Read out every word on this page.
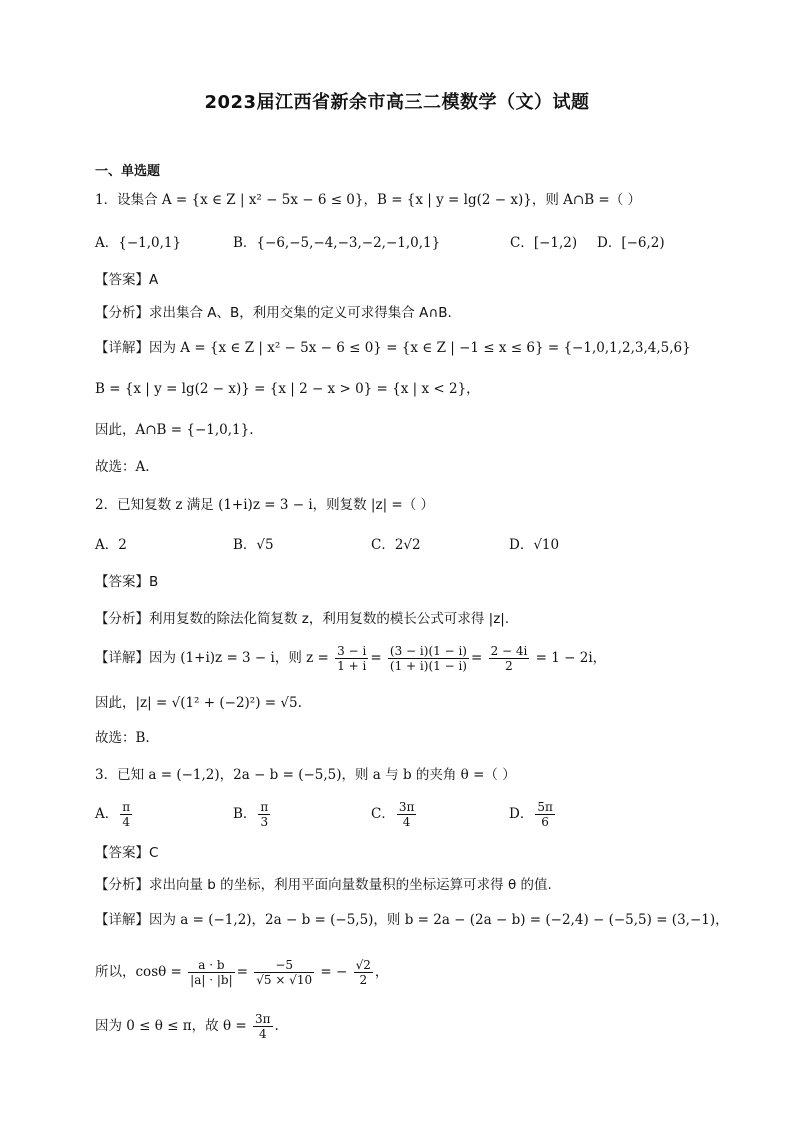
2023届江西省新余市高三二模数学（文）试题
一、单选题
1．设集合 A = {x ∈ Z | x² − 5x − 6 ≤ 0}，B = {x | y = lg(2 − x)}，则 A∩B =（ ）
A．{−1,0,1}	B．{−6,−5,−4,−3,−2,−1,0,1}	C．[−1,2) D．[−6,2)
【答案】A
【分析】求出集合 A、B，利用交集的定义可求得集合 A∩B.
【详解】因为 A = {x ∈ Z | x² − 5x − 6 ≤ 0} = {x ∈ Z | −1 ≤ x ≤ 6} = {−1,0,1,2,3,4,5,6}
B = {x | y = lg(2 − x)} = {x | 2 − x > 0} = {x | x < 2}，
因此，A∩B = {−1,0,1}.
故选：A.
2．已知复数 z 满足 (1+i)z = 3 − i，则复数 |z| =（ ）
A．2	B．√5	C．2√2	D．√10
【答案】B
【分析】利用复数的除法化简复数 z，利用复数的模长公式可求得 |z|.
【详解】因为 (1+i)z = 3 − i，则 $z = \frac{3 - i}{1 + i} = \frac{(3 - i)(1 - i)}{(1 + i)(1 - i)} = \frac{2 - 4i}{2} = 1 - 2i$，
因此，|z| = √(1² + (−2)²) = √5.
故选：B.
3．已知 a = (−1,2)，2a − b = (−5,5)，则 a 与 b 的夹角 θ =（ ）
A． $\frac{\pi}{4}$	B． $\frac{\pi}{3}$	C． $\frac{3\pi}{4}$	D． $\frac{5\pi}{6}$
【答案】C
【分析】求出向量 b 的坐标，利用平面向量数量积的坐标运算可求得 θ 的值.
【详解】因为 a = (−1,2)，2a − b = (−5,5)，则 b = 2a − (2a − b) = (−2,4) − (−5,5) = (3,−1)，
所以，$\cos\theta = \frac{a \cdot b}{|a| \cdot |b|} = \frac{-5}{√5 \times √10}$ = − $\frac{√2}{2}$ ，
因为 0 ≤ θ ≤ π，故 $\theta = \frac{3\pi}{4}$ .
